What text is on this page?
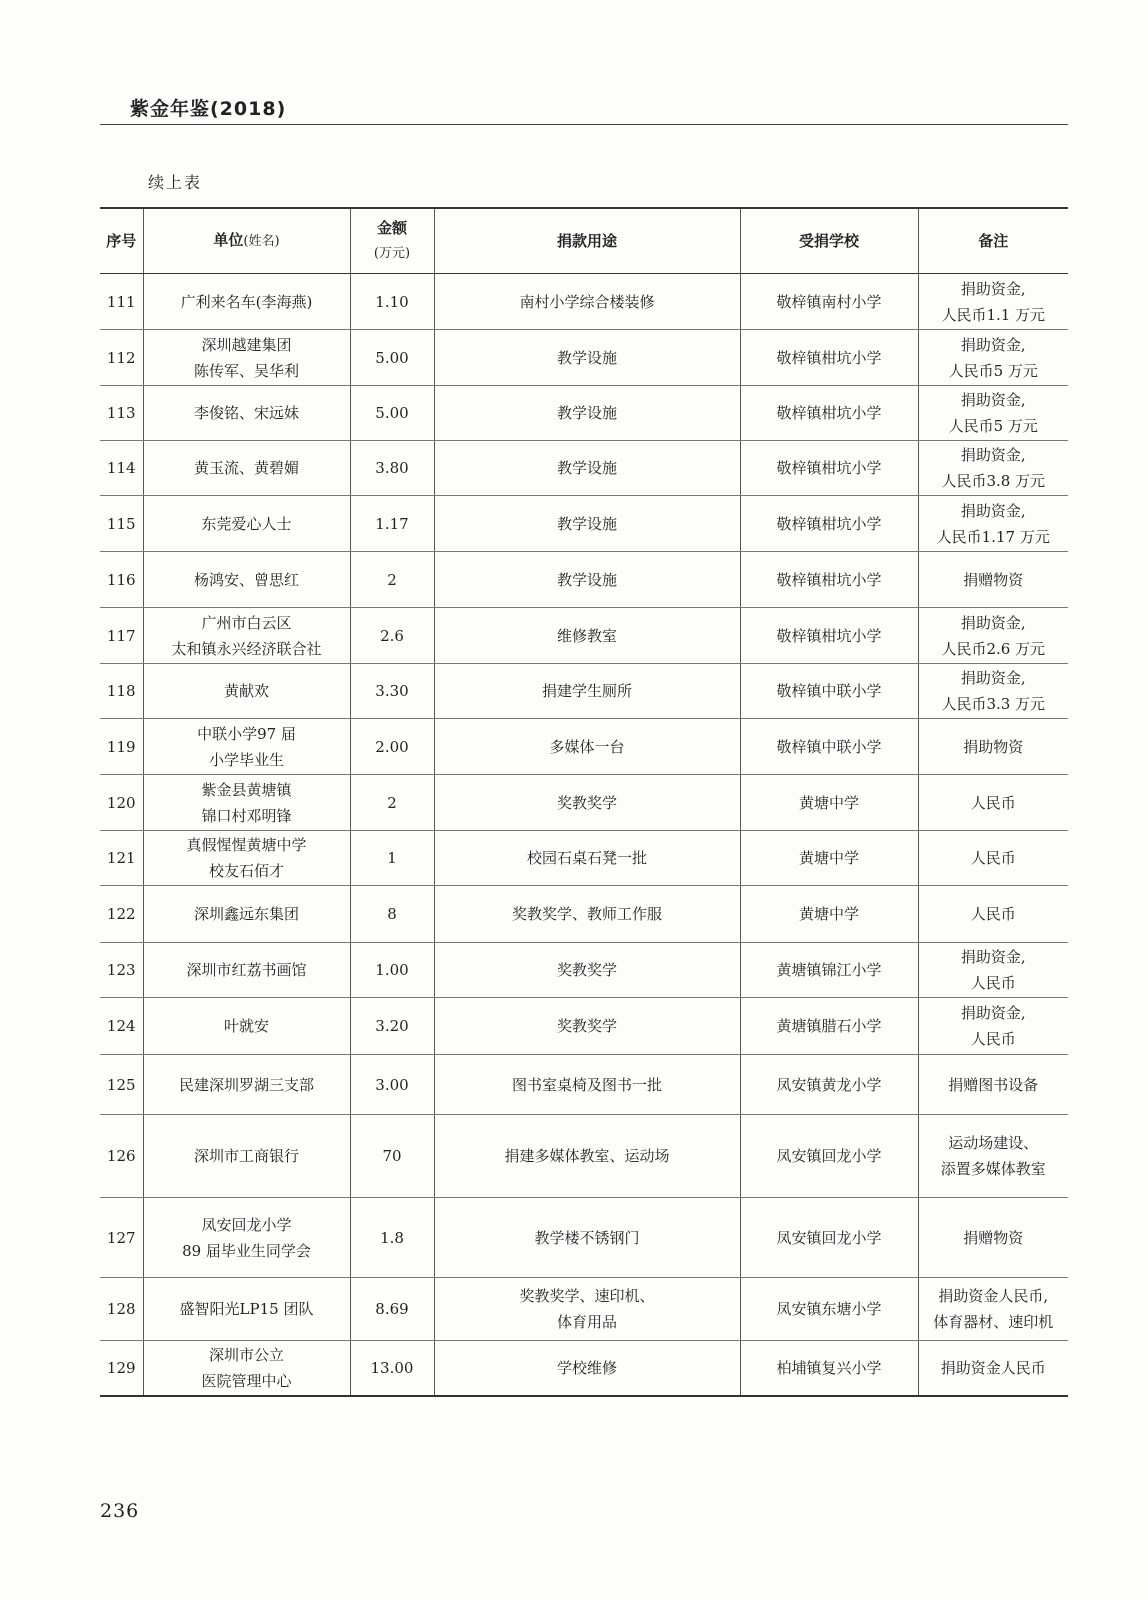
紫金年鉴(2018)
续上表
序号	单位(姓名)	金额
(万元)	捐款用途	受捐学校	备注
111	广利来名车(李海燕)	1.10	南村小学综合楼装修	敬梓镇南村小学	捐助资金,
人民币1.1 万元
112	深圳越建集团
陈传军、吴华利	5.00	教学设施	敬梓镇柑坑小学	捐助资金,
人民币5 万元
113	李俊铭、宋远妹	5.00	教学设施	敬梓镇柑坑小学	捐助资金,
人民币5 万元
114	黄玉流、黄碧媚	3.80	教学设施	敬梓镇柑坑小学	捐助资金,
人民币3.8 万元
115	东莞爱心人士	1.17	教学设施	敬梓镇柑坑小学	捐助资金,
人民币1.17 万元
116	杨鸿安、曾思红	2	教学设施	敬梓镇柑坑小学	捐赠物资
117	广州市白云区
太和镇永兴经济联合社	2.6	维修教室	敬梓镇柑坑小学	捐助资金,
人民币2.6 万元
118	黄献欢	3.30	捐建学生厕所	敬梓镇中联小学	捐助资金,
人民币3.3 万元
119	中联小学97 届
小学毕业生	2.00	多媒体一台	敬梓镇中联小学	捐助物资
120	紫金县黄塘镇
锦口村邓明锋	2	奖教奖学	黄塘中学	人民币
121	真假惺惺黄塘中学
校友石佰才	1	校园石桌石凳一批	黄塘中学	人民币
122	深圳鑫远东集团	8	奖教奖学、教师工作服	黄塘中学	人民币
123	深圳市红荔书画馆	1.00	奖教奖学	黄塘镇锦江小学	捐助资金,
人民币
124	叶就安	3.20	奖教奖学	黄塘镇腊石小学	捐助资金,
人民币
125	民建深圳罗湖三支部	3.00	图书室桌椅及图书一批	凤安镇黄龙小学	捐赠图书设备
126	深圳市工商银行	70	捐建多媒体教室、运动场	凤安镇回龙小学	运动场建设、
添置多媒体教室
127	凤安回龙小学
89 届毕业生同学会	1.8	教学楼不锈钢门	凤安镇回龙小学	捐赠物资
128	盛智阳光LP15 团队	8.69	奖教奖学、速印机、
体育用品	凤安镇东塘小学	捐助资金人民币,
体育器材、速印机
129	深圳市公立
医院管理中心	13.00	学校维修	柏埔镇复兴小学	捐助资金人民币
236
